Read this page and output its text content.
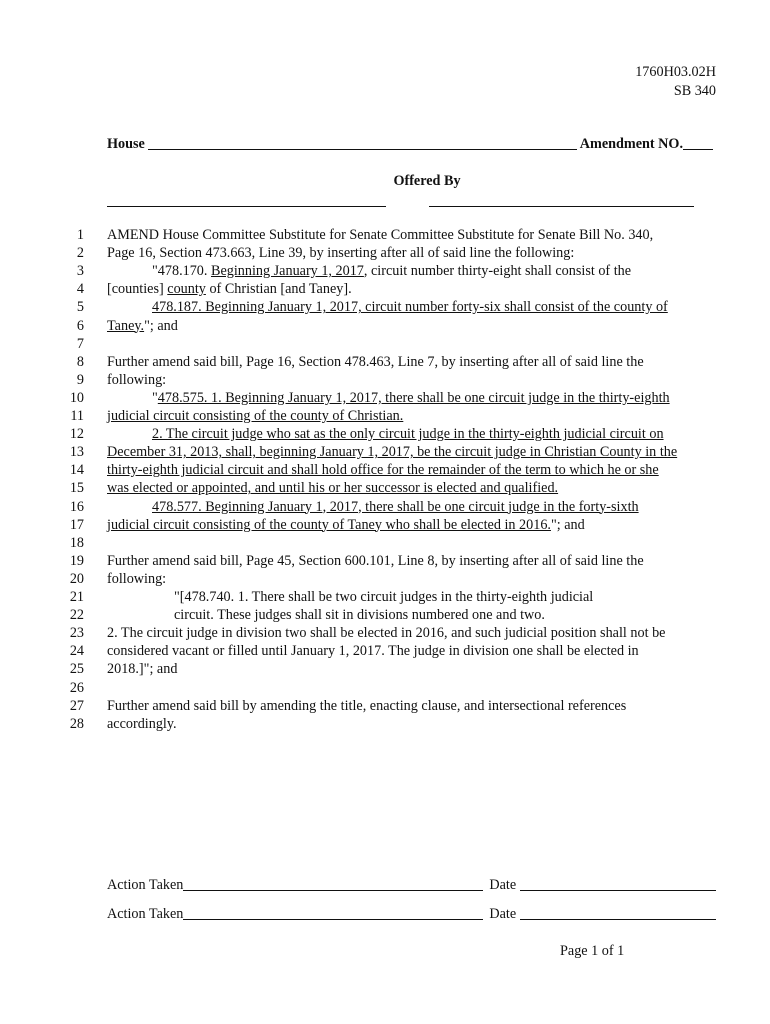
1760H03.02H
SB 340
House	Amendment NO.
Offered By
1 AMEND House Committee Substitute for Senate Committee Substitute for Senate Bill No. 340,
2 Page 16, Section 473.663, Line 39, by inserting after all of said line the following:
3	"478.170. Beginning January 1, 2017, circuit number thirty-eight shall consist of the
4 [counties] county of Christian [and Taney].
5	478.187. Beginning January 1, 2017, circuit number forty-six shall consist of the county of
6 Taney."; and
7
8 Further amend said bill, Page 16, Section 478.463, Line 7, by inserting after all of said line the
9 following:
10	"478.575. 1. Beginning January 1, 2017, there shall be one circuit judge in the thirty-eighth
11 judicial circuit consisting of the county of Christian.
12	2. The circuit judge who sat as the only circuit judge in the thirty-eighth judicial circuit on
13 December 31, 2013, shall, beginning January 1, 2017, be the circuit judge in Christian County in the
14 thirty-eighth judicial circuit and shall hold office for the remainder of the term to which he or she
15 was elected or appointed, and until his or her successor is elected and qualified.
16	478.577. Beginning January 1, 2017, there shall be one circuit judge in the forty-sixth
17 judicial circuit consisting of the county of Taney who shall be elected in 2016."; and
18
19 Further amend said bill, Page 45, Section 600.101, Line 8, by inserting after all of said line the
20 following:
21	"[478.740. 1. There shall be two circuit judges in the thirty-eighth judicial
22	circuit. These judges shall sit in divisions numbered one and two.
23 2. The circuit judge in division two shall be elected in 2016, and such judicial position shall not be
24 considered vacant or filled until January 1, 2017. The judge in division one shall be elected in
25 2018.]"; and
26
27 Further amend said bill by amending the title, enacting clause, and intersectional references
28 accordingly.
Action Taken	Date
Action Taken	Date
Page 1 of 1
